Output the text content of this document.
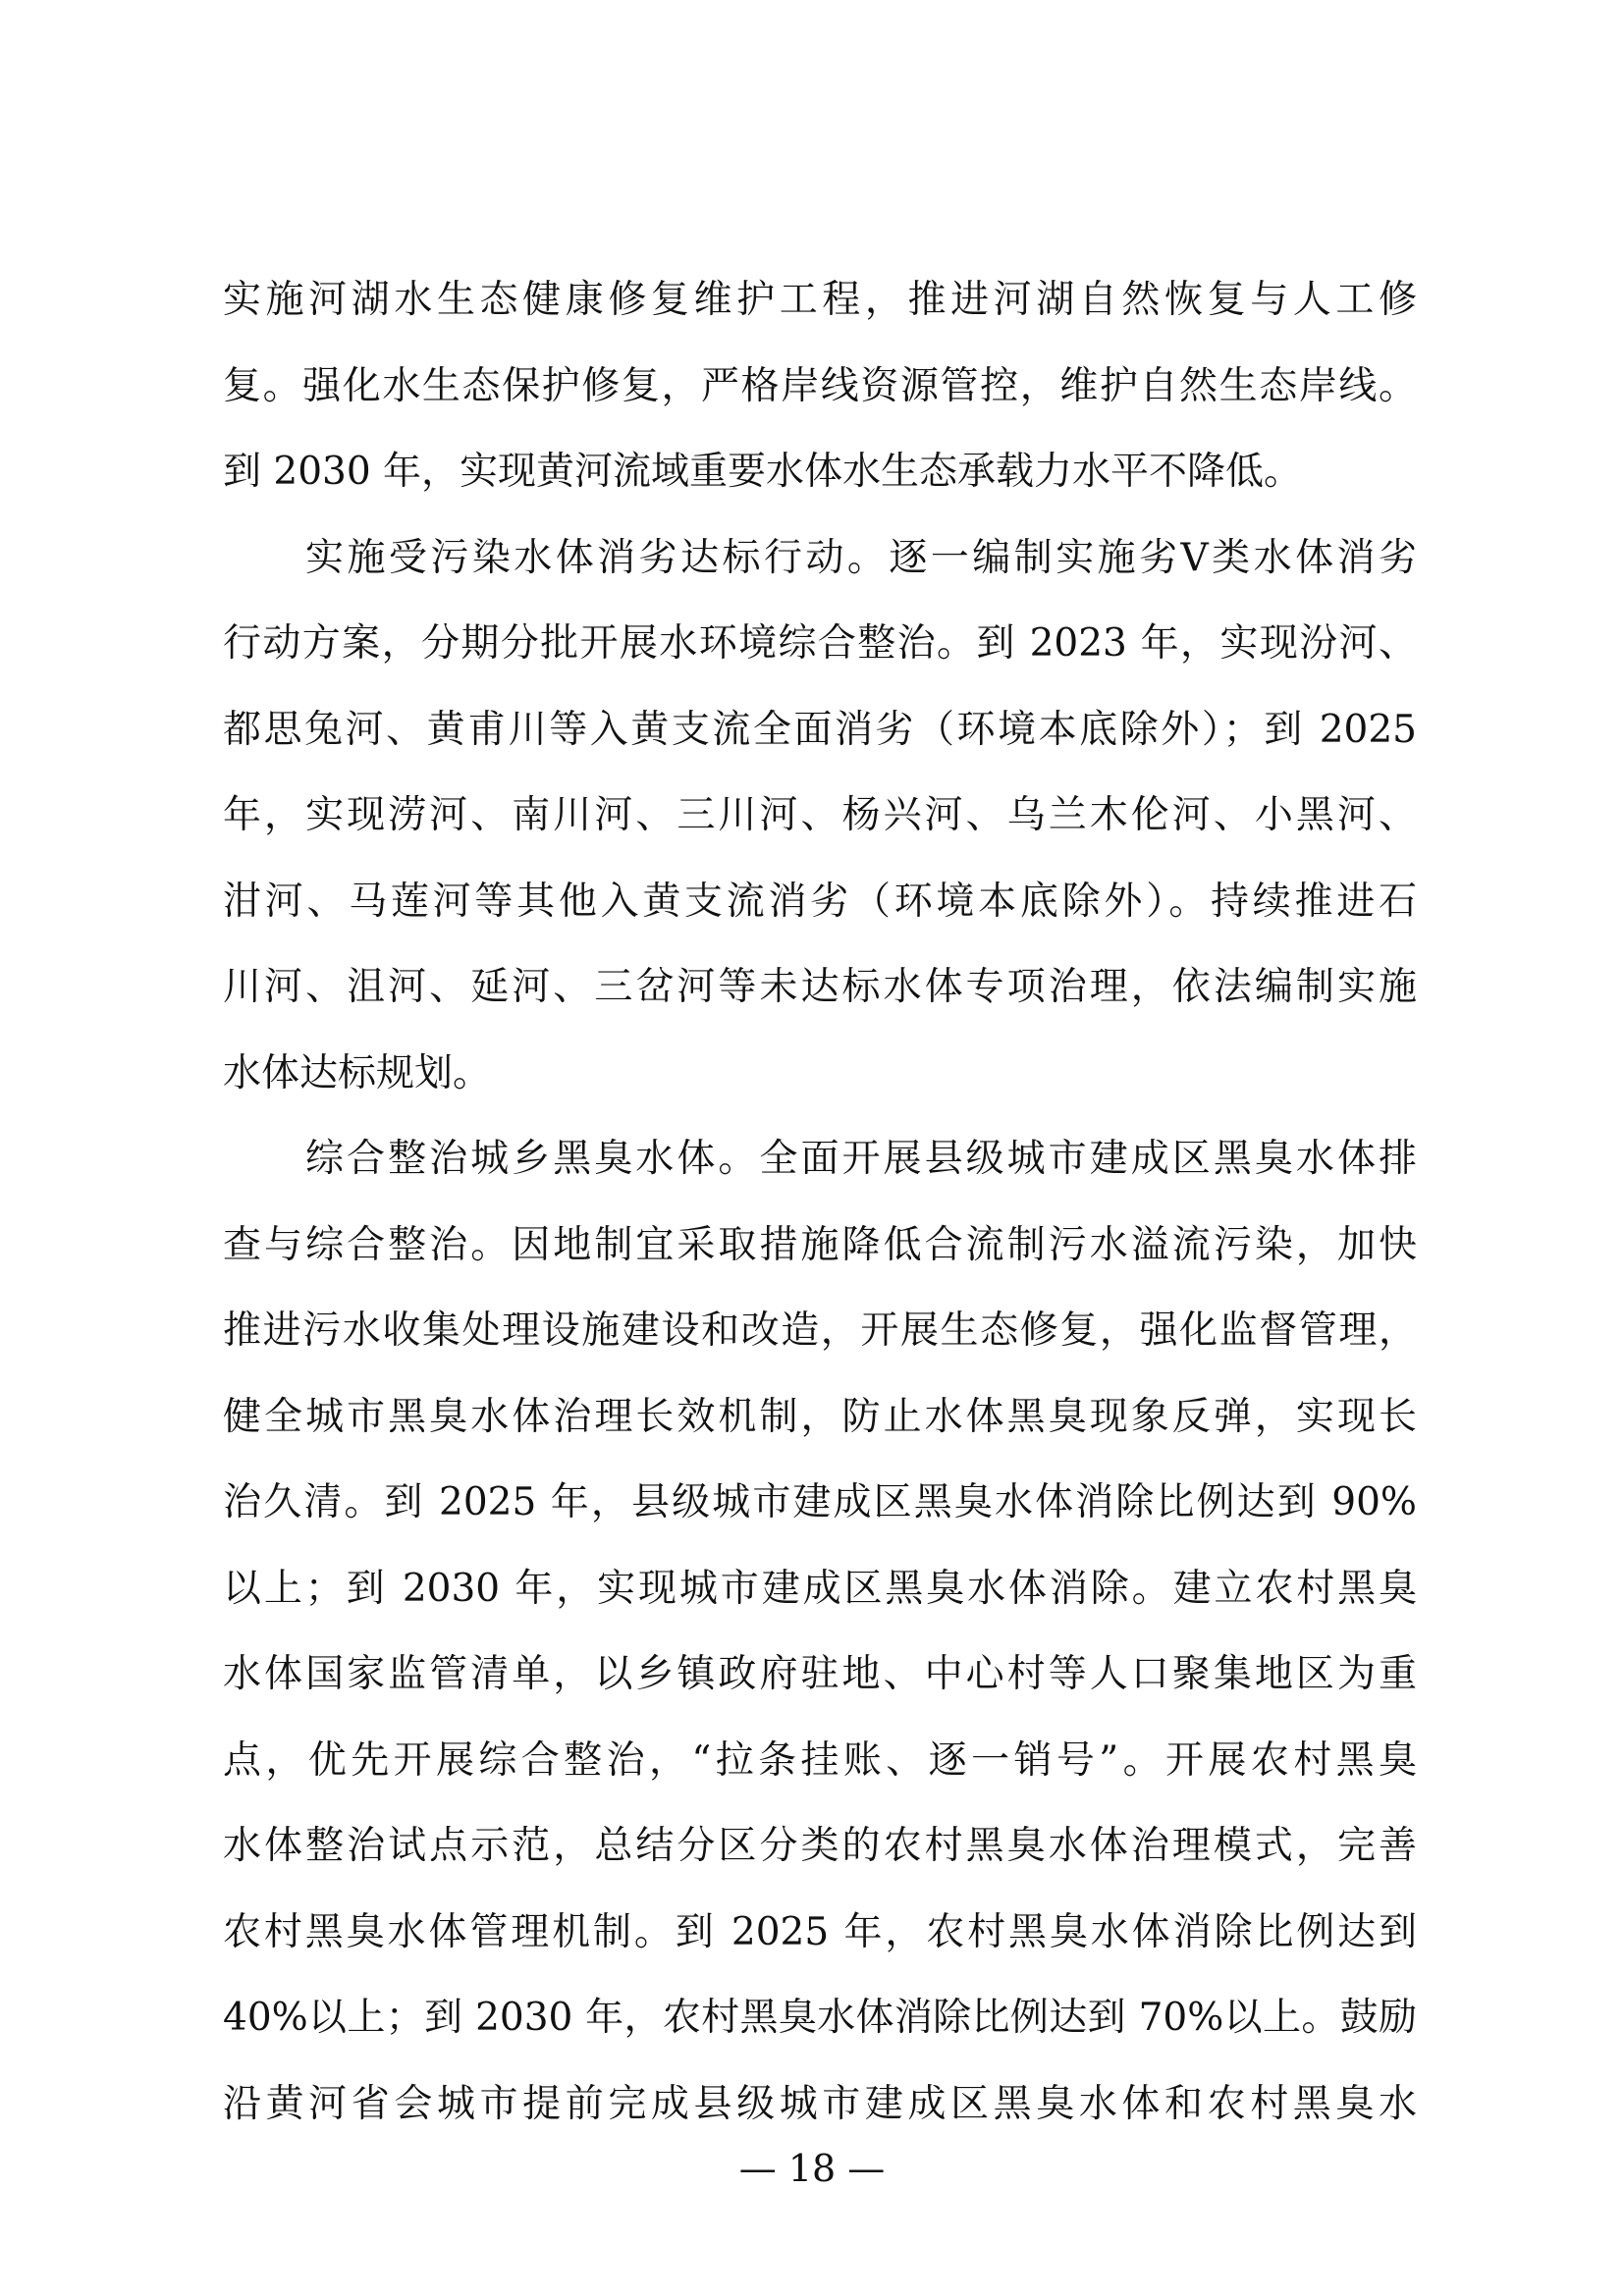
实施河湖水生态健康修复维护工程，推进河湖自然恢复与人工修
复。强化水生态保护修复，严格岸线资源管控，维护自然生态岸线。
到 2030 年，实现黄河流域重要水体水生态承载力水平不降低。
实施受污染水体消劣达标行动。逐一编制实施劣Ⅴ类水体消劣
行动方案，分期分批开展水环境综合整治。到 2023 年，实现汾河、
都思兔河、黄甫川等入黄支流全面消劣（环境本底除外）；到 2025
年，实现涝河、南川河、三川河、杨兴河、乌兰木伦河、小黑河、
泔河、马莲河等其他入黄支流消劣（环境本底除外）。持续推进石
川河、沮河、延河、三岔河等未达标水体专项治理，依法编制实施
水体达标规划。
综合整治城乡黑臭水体。全面开展县级城市建成区黑臭水体排
查与综合整治。因地制宜采取措施降低合流制污水溢流污染，加快
推进污水收集处理设施建设和改造，开展生态修复，强化监督管理，
健全城市黑臭水体治理长效机制，防止水体黑臭现象反弹，实现长
治久清。到 2025 年，县级城市建成区黑臭水体消除比例达到 90%
以上；到 2030 年，实现城市建成区黑臭水体消除。建立农村黑臭
水体国家监管清单，以乡镇政府驻地、中心村等人口聚集地区为重
点，优先开展综合整治，“拉条挂账、逐一销号”。开展农村黑臭
水体整治试点示范，总结分区分类的农村黑臭水体治理模式，完善
农村黑臭水体管理机制。到 2025 年，农村黑臭水体消除比例达到
40%以上；到 2030 年，农村黑臭水体消除比例达到 70%以上。鼓励
沿黄河省会城市提前完成县级城市建成区黑臭水体和农村黑臭水
— 18 —
